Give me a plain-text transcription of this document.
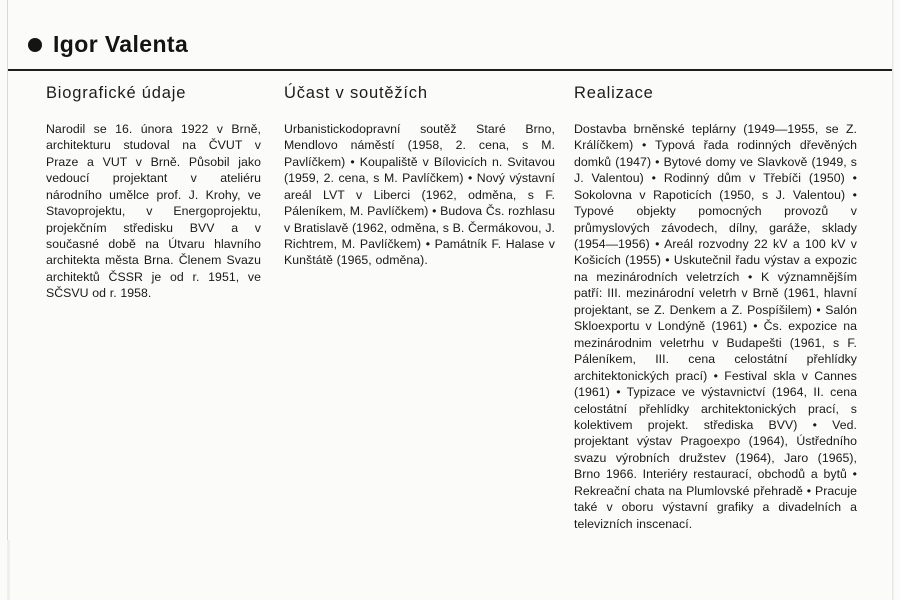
Igor Valenta
Biografické údaje

Narodil se 16. února 1922 v Brně, architekturu studoval na ČVUT v Praze a VUT v Brně. Působil jako vedoucí projektant v ateliéru národního umělce prof. J. Krohy, ve Stavoprojektu, v Energoprojektu, projekčním středisku BVV a v současné době na Útvaru hlavního architekta města Brna. Členem Svazu architektů ČSSR je od r. 1951, ve SČSVU od r. 1958.

Účast v soutěžích

Urbanistickodopravní soutěž Staré Brno, Mendlovo náměstí (1958, 2. cena, s M. Pavlíčkem) • Koupaliště v Bílovicích n. Svitavou (1959, 2. cena, s M. Pavlíčkem) • Nový výstavní areál LVT v Liberci (1962, odměna, s F. Páleníkem, M. Pavlíčkem) • Budova Čs. rozhlasu v Bratislavě (1962, odměna, s B. Čermákovou, J. Richtrem, M. Pavlíčkem) • Památník F. Halase v Kunštátě (1965, odměna).

Realizace

Dostavba brněnské teplárny (1949—1955, se Z. Králíčkem) • Typová řada rodinných dřevěných domků (1947) • Bytové domy ve Slavkově (1949, s J. Valentou) • Rodinný dům v Třebíči (1950) • Sokolovna v Rapoticích (1950, s J. Valentou) • Typové objekty pomocných provozů v průmyslových závodech, dílny, garáže, sklady (1954—1956) • Areál rozvodny 22 kV a 100 kV v Košicích (1955) • Uskutečnil řadu výstav a expozic na mezinárodních veletrzích • K významnějším patří: III. mezinárodní veletrh v Brně (1961, hlavní projektant, se Z. Denkem a Z. Pospíšilem) • Salón Skloexportu v Londýně (1961) • Čs. expozice na mezinárodnim veletrhu v Budapešti (1961, s F. Páleníkem, III. cena celostátní přehlídky architektonických prací) • Festival skla v Cannes (1961) • Typizace ve výstavnictví (1964, II. cena celostátní přehlídky architektonických prací, s kolektivem projekt. střediska BVV) • Ved. projektant výstav Pragoexpo (1964), Ústředního svazu výrobních družstev (1964), Jaro (1965), Brno 1966. Interiéry restaurací, obchodů a bytů • Rekreační chata na Plumlovské přehradě • Pracuje také v oboru výstavní grafiky a divadelních a televizních inscenací.
